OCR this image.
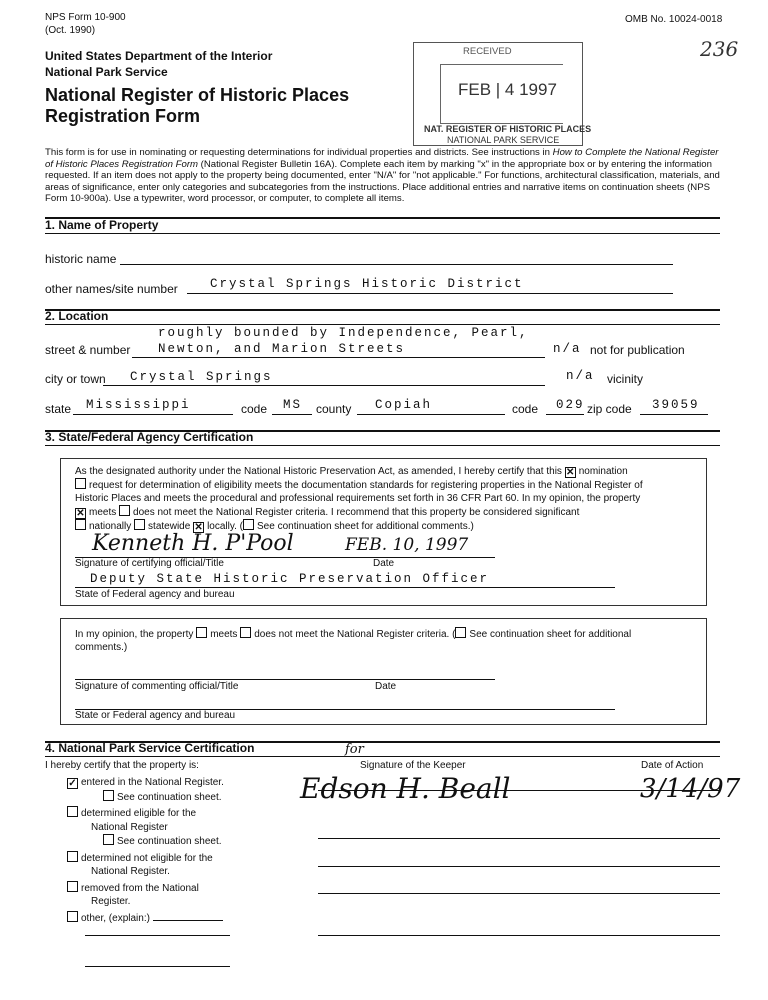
NPS Form 10-900
(Oct. 1990)
OMB No. 10024-0018
236
United States Department of the Interior
National Park Service
National Register of Historic Places
Registration Form
RECEIVED
FEB | 4 1997
NAT. REGISTER OF HISTORIC PLACES
NATIONAL PARK SERVICE
This form is for use in nominating or requesting determinations for individual properties and districts. See instructions in How to Complete the National Register of Historic Places Registration Form (National Register Bulletin 16A). Complete each item by marking "x" in the appropriate box or by entering the information requested. If an item does not apply to the property being documented, enter "N/A" for "not applicable." For functions, architectural classification, materials, and areas of significance, enter only categories and subcategories from the instructions. Place additional entries and narrative items on continuation sheets (NPS Form 10-900a). Use a typewriter, word processor, or computer, to complete all items.
1. Name of Property
historic name
other names/site number	Crystal Springs Historic District
2. Location
roughly bounded by Independence, Pearl,
street & number Newton, and Marion Streets	n/a not for publication
city or town Crystal Springs	n/a vicinity
state Mississippi	code MS county Copiah	code 029 zip code 39059
3. State/Federal Agency Certification
As the designated authority under the National Historic Preservation Act, as amended, I hereby certify that this ✕ nomination
request for determination of eligibility meets the documentation standards for registering properties in the National Register of
Historic Places and meets the procedural and professional requirements set forth in 36 CFR Part 60. In my opinion, the property
✕ meets does not meet the National Register criteria. I recommend that this property be considered significant
nationally statewide ✕ locally. ( See continuation sheet for additional comments.)
Kenneth H. P'Pool	FEB. 10, 1997
Signature of certifying official/Title	Date
Deputy State Historic Preservation Officer
State of Federal agency and bureau
In my opinion, the property meets does not meet the National Register criteria. ( See continuation sheet for additional
comments.)
Signature of commenting official/Title	Date
State or Federal agency and bureau
4. National Park Service Certification
I hereby certify that the property is:	Signature of the Keeper	Date of Action
for
Edson H. Beall	3/14/97
✓ entered in the National Register.
See continuation sheet.
determined eligible for the
National Register
See continuation sheet.
determined not eligible for the
National Register.
removed from the National
Register.
other, (explain:)
